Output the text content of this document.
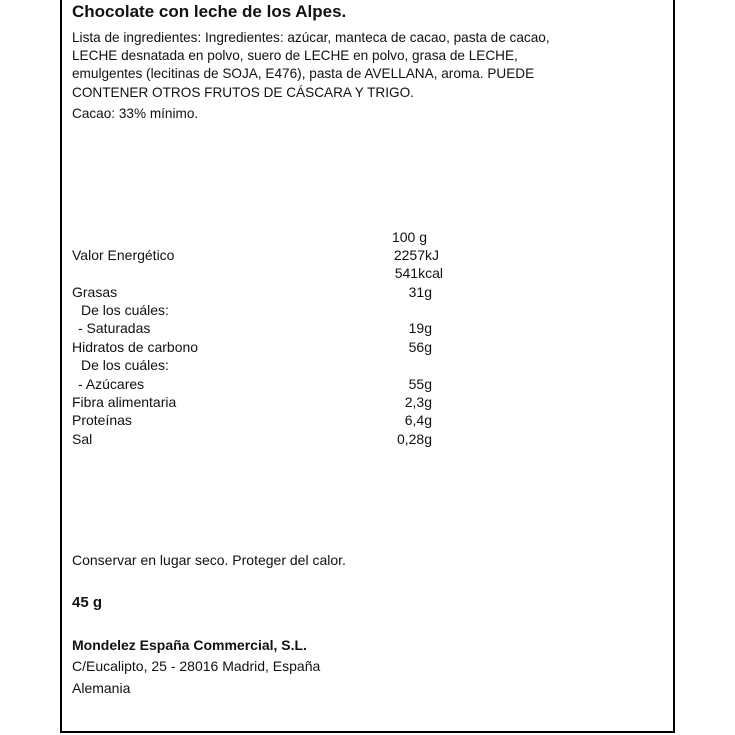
Chocolate con leche de los Alpes.

Lista de ingredientes: Ingredientes: azúcar, manteca de cacao, pasta de cacao,

LECHE desnatada en polvo, suero de LECHE en polvo, grasa de LECHE,

emulgentes (lecitinas de SOJA, E476), pasta de AVELLANA, aroma. PUEDE

CONTENER OTROS FRUTOS DE CÁSCARA Y TRIGO.

Cacao: 33% mínimo.
100 g
Valor Energético	2257kJ
541kcal
Grasas	31g
De los cuáles:
- Saturadas	19g
Hidratos de carbono	56g
De los cuáles:
- Azúcares	55g
Fibra alimentaria	2,3g
Proteínas	6,4g
Sal	0,28g
Conservar en lugar seco. Proteger del calor.
45 g
Mondelez España Commercial, S.L.
C/Eucalipto, 25 - 28016 Madrid, España
Alemania
